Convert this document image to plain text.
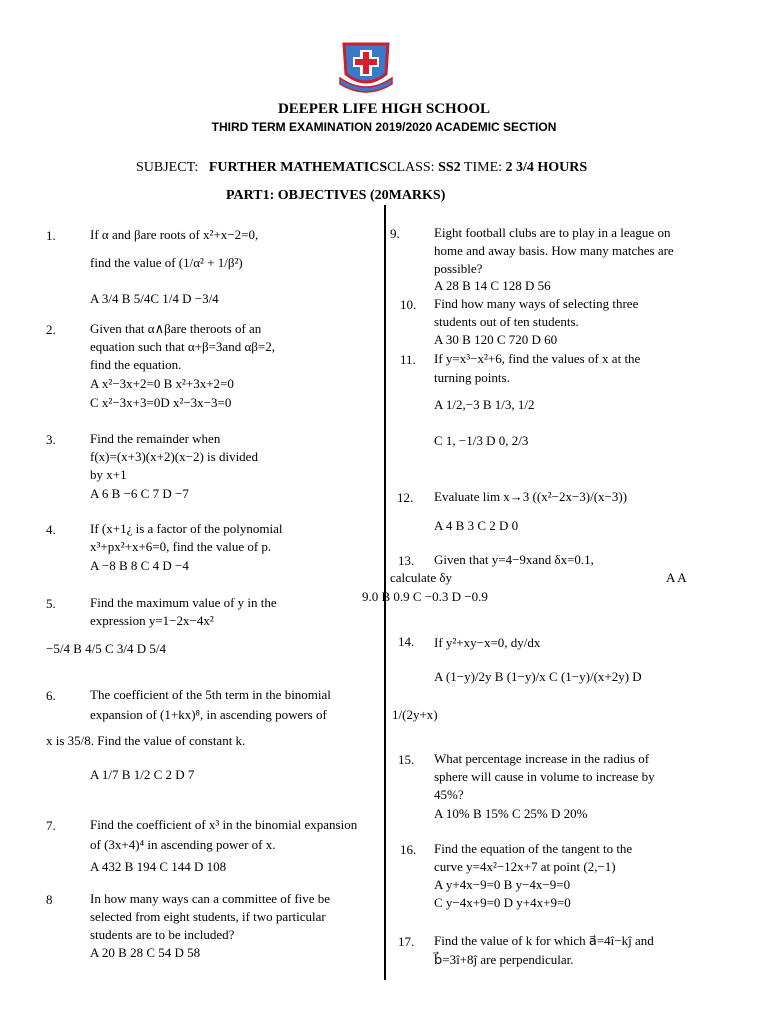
DEEPER LIFE HIGH SCHOOL
THIRD TERM EXAMINATION 2019/2020 ACADEMIC SECTION
SUBJECT: FURTHER MATHEMATICSCLASS: SS2 TIME: 2 3/4 HOURS
PART1: OBJECTIVES (20MARKS)
1.	If α and βare roots of x²+x−2=0,
find the value of (1/α² + 1/β²)
A 3/4 B 5/4C 1/4 D −3/4
2.	Given that α∧βare theroots of an
equation such that α+β=3and αβ=2,
find the equation.
A x²−3x+2=0 B x²+3x+2=0
C x²−3x+3=0D x²−3x−3=0
3.	Find the remainder when
f(x)=(x+3)(x+2)(x−2) is divided
by x+1
A 6 B −6 C 7 D −7
4.	If (x+1¿ is a factor of the polynomial
x³+px²+x+6=0, find the value of p.
A −8 B 8 C 4 D −4
5.	Find the maximum value of y in the
expression y=1−2x−4x²
−5/4 B 4/5 C 3/4 D 5/4
6.	The coefficient of the 5th term in the binomial
expansion of (1+kx)⁸, in ascending powers of
x is 35/8. Find the value of constant k.
A 1/7 B 1/2 C 2 D 7
7.	Find the coefficient of x³ in the binomial expansion
of (3x+4)⁴ in ascending power of x.
A 432 B 194 C 144 D 108
8	In how many ways can a committee of five be
selected from eight students, if two particular
students are to be included?
A 20 B 28 C 54 D 58
9.	Eight football clubs are to play in a league on
home and away basis. How many matches are
possible?
A 28 B 14 C 128 D 56
10. Find how many ways of selecting three
students out of ten students.
A 30 B 120 C 720 D 60
11. If y=x³−x²+6, find the values of x at the
turning points.
A 1/2,−3 B 1/3, 1/2
C 1, −1/3 D 0, 2/3
12. Evaluate lim x→3 ((x²−2x−3)/(x−3))
A 4 B 3 C 2 D 0
13. Given that y=4−9xand δx=0.1,
calculate δy	A A
9.0 B 0.9 C −0.3 D −0.9
14. If y²+xy−x=0, dy/dx
A (1−y)/2y B (1−y)/x C (1−y)/(x+2y) D
1/(2y+x)
15. What percentage increase in the radius of
sphere will cause in volume to increase by
45%?
A 10% B 15% C 25% D 20%
16. Find the equation of the tangent to the
curve y=4x²−12x+7 at point (2,−1)
A y+4x−9=0 B y−4x−9=0
C y−4x+9=0 D y+4x+9=0
17. Find the value of k for which a⃗=4î−kĵ and
b⃗=3î+8ĵ are perpendicular.
